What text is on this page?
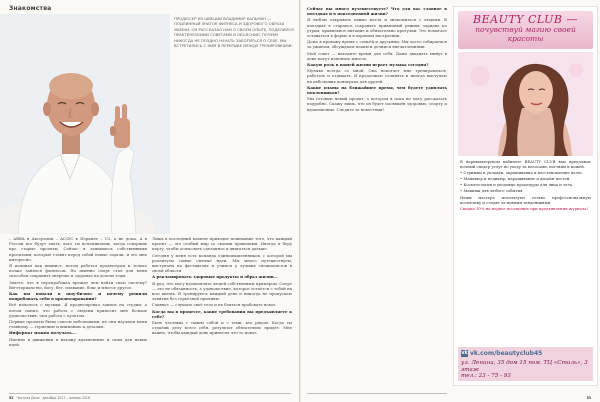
Знакомства
ПРОДЮСЕР ИЗ ШВЕЦИИ ВЛАДИМИР КАЛЬМАН — ПОДЛИННЫЙ ЗНАТОК ФИТНЕСА И ЗДОРОВОГО ОБРАЗА ЖИЗНИ. ОН РАССКАЗАЛ НАМ О СВОЁМ ОПЫТЕ, ПОДЕЛИЛСЯ ПРАКТИЧЕСКИМИ СОВЕТАМИ И ОБЪЯСНИЛ, ПОЧЕМУ НИКОГДА НЕ ПОЗДНО НАЧАТЬ ЗАБОТИТЬСЯ О СЕБЕ. МЫ ВСТРЕТИЛИСЬ С НИМ В ПЕРЕРЫВЕ МЕЖДУ ТРЕНИРОВКАМИ.

– ABBA в Австралии – AC/DC в Израиле – U2, а не дома. А в России все будут знать, кого ты вспоминаешь, когда говоришь про старые проекты. Сейчас я занимаюсь собственными проектами, которые ставят перед собой новые задачи, и это мне интересно.

Я начинал как пианист, потом работал продюсером и только позже занялся фитнесом. Но именно спорт стал для меня способом сохранить энергию и здоровье на долгие годы.

Знаете, что я перепробовал прежде чем найти свою систему? Вегетарианство, йогу, бег, плавание, бокс и многое другое.

Как вы попали в шоу-бизнес и почему решили попробовать себя в продюсировании?

Всё началось с музыки. Я продюсировал записи на студии, а потом понял, что работа с людьми приносит мне больше удовольствия, чем работа с пультом.

Первые проекты были совсем небольшими, но они научили меня главному — терпению и вниманию к деталям.

Информат можно получать...

Именно в движении я нахожу вдохновение и силы для новых идей.

Лишь в последний момент приходит понимание того, что каждый проект — это особый мир со своими правилами. Иногда я беру паузу, чтобы осмыслить сделанное и двигаться дальше.

Сегодня у меня есть команда единомышленников, с которой мы реализуем самые смелые идеи. Мы много путешествуем, выступаем на фестивалях и учимся у лучших специалистов в своей области.

А рекламировать здоровые продукты и образ жизни...

Я рад, что могу вдохновлять людей собственным примером. Спорт — это не обязанность, а удовольствие, которое остаётся с тобой на всю жизнь. Я тренируюсь каждый день и никогда не пропускаю занятия без серьёзной причины.

Главное — слушать своё тело и не бояться пробовать новое.

Когда вы в процессе, какие требования вы предъявляете к себе?

Быть честным с самим собой и с теми, кто рядом. Когда ты отдаёшь делу всего себя, результат обязательно придёт. Мне важно, чтобы каждый день приносил что-то новое.

52 Частная Дача · декабрь 2017 – январь 2018

Сейчас вы много путешествуете? Что для вас главное в поездках и в повседневной жизни?

Я люблю открывать новые места и знакомиться с людьми. В поездках я стараюсь сохранять привычный режим: зарядка по утрам, правильное питание и обязательно прогулки. Это помогает оставаться в форме и в хорошем настроении.

Дома я провожу время с семьёй и друзьями. Мы часто собираемся за ужином, обсуждаем планы и делимся впечатлениями.

Мой совет — находите время для себя. Даже двадцать минут в день могут изменить многое.

Какую роль в вашей жизни играет музыка сегодня?

Музыка всегда со мной. Она помогает мне тренироваться, работать и отдыхать. Я продолжаю сочинять и иногда выступаю на небольших концертах для друзей.

Какие планы на ближайшее время, чем будете удивлять поклонников?

Мы готовим новый проект, о котором я пока не могу рассказать подробно. Скажу лишь, что он будет посвящён здоровью, спорту и вдохновению. Следите за новостями!

BEAUTY CLUB —
почувствуй магию своей красоты

В парикмахерском кабинете BEAUTY CLUB вам предложат полный спектр услуг по уходу за волосами, ногтями и кожей.

• Стрижки и укладки, окрашивание и восстановление волос.

• Маникюр и педикюр, наращивание и дизайн ногтей.

• Косметология и уходовые процедуры для лица и тела.

• Макияж для любого события.

Наши мастера используют только профессиональную косметику и следят за новыми тенденциями.

Скидка 10% на первое посещение при предъявлении журнала!

vk vk.com/beautyclub45
ул. Ленина, 35 дом 15 пом. ТЦ «Стиль», 3 этаж
тел.: 23 - 75 - 93
53
